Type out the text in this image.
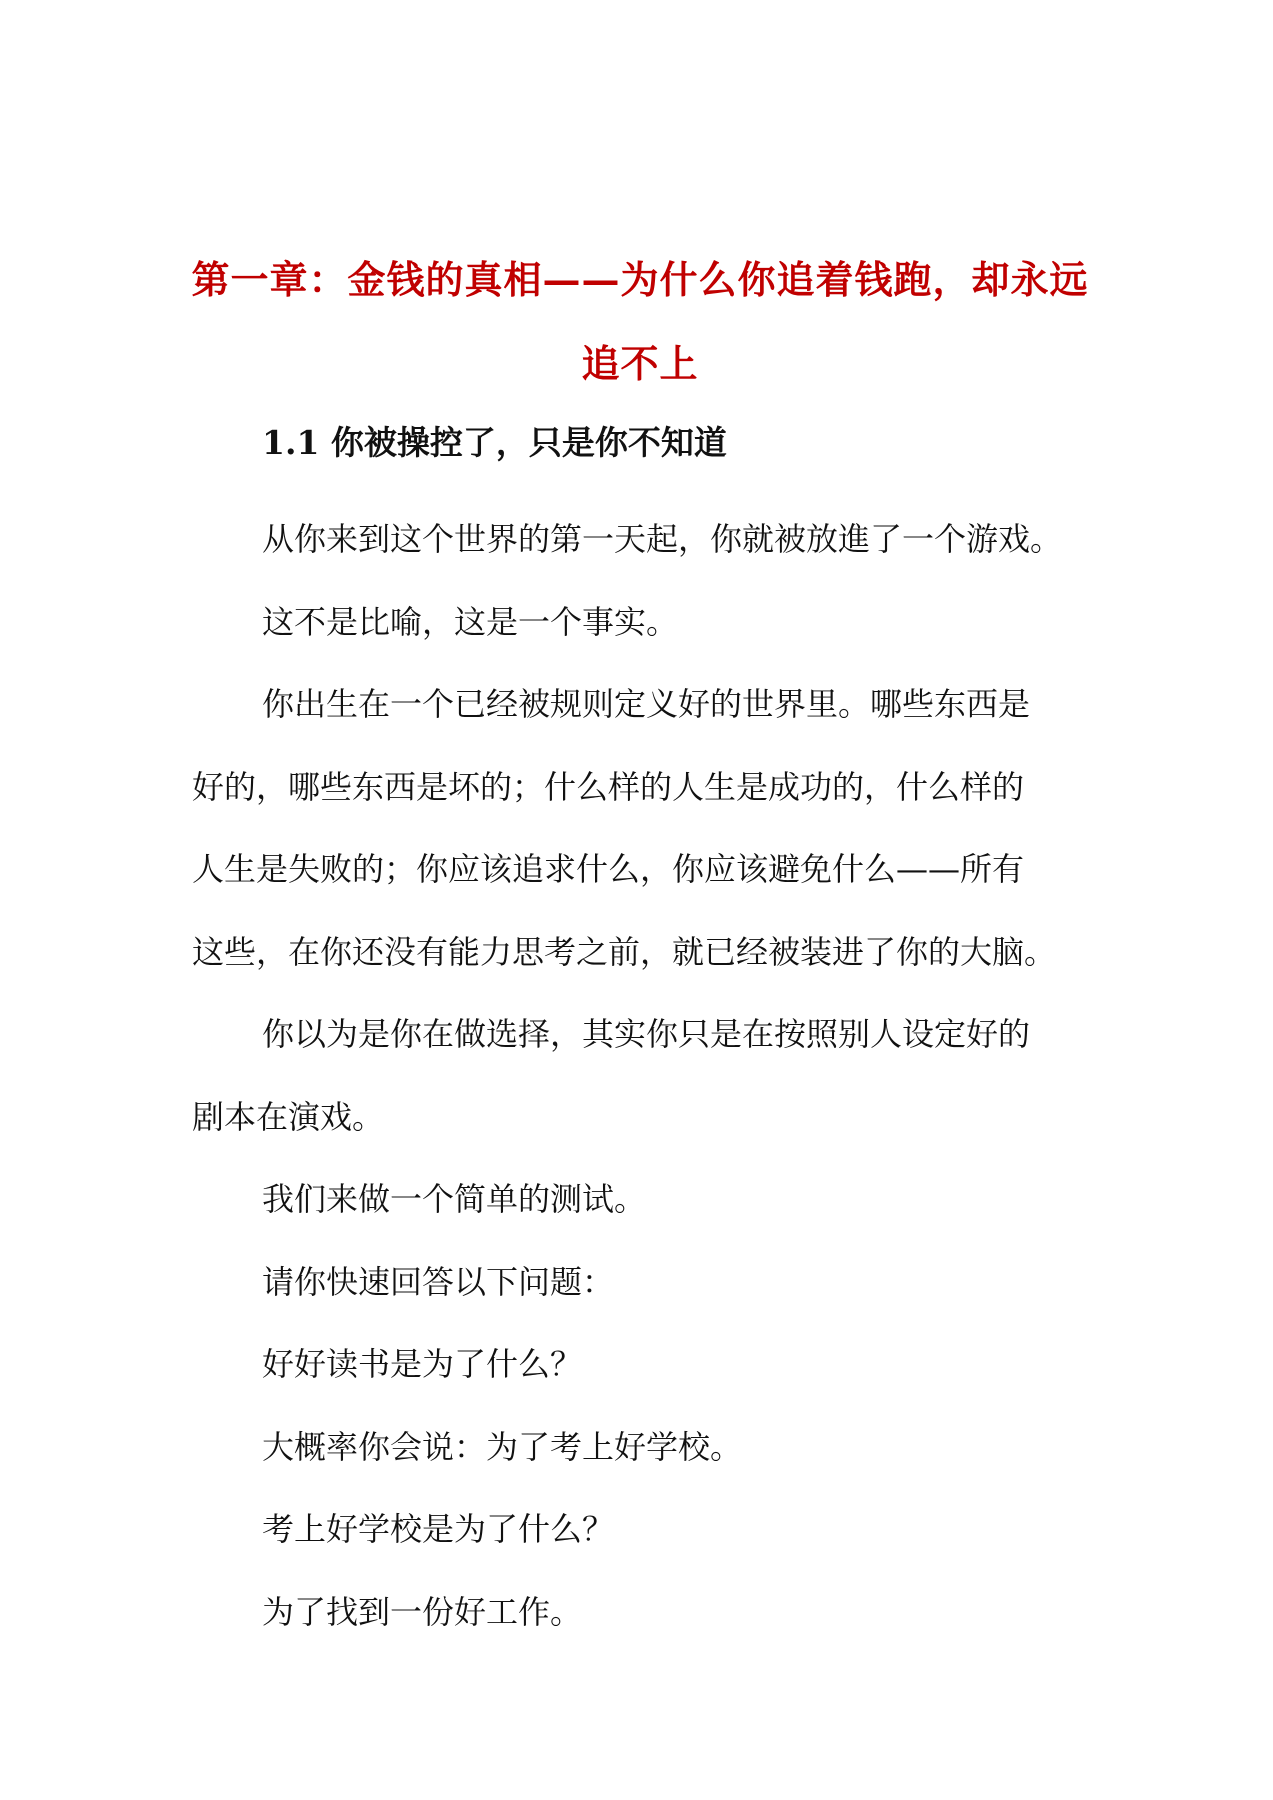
第一章：金钱的真相——为什么你追着钱跑，却永远
追不上
1.1 你被操控了，只是你不知道

从你来到这个世界的第一天起，你就被放進了一个游戏。

这不是比喻，这是一个事实。

你出生在一个已经被规则定义好的世界里。哪些东西是
好的，哪些东西是坏的；什么样的人生是成功的，什么样的
人生是失败的；你应该追求什么，你应该避免什么——所有
这些，在你还没有能力思考之前，就已经被装进了你的大脑。

你以为是你在做选择，其实你只是在按照别人设定好的
剧本在演戏。

我们来做一个简单的测试。

请你快速回答以下问题：

好好读书是为了什么？

大概率你会说：为了考上好学校。

考上好学校是为了什么？

为了找到一份好工作。
